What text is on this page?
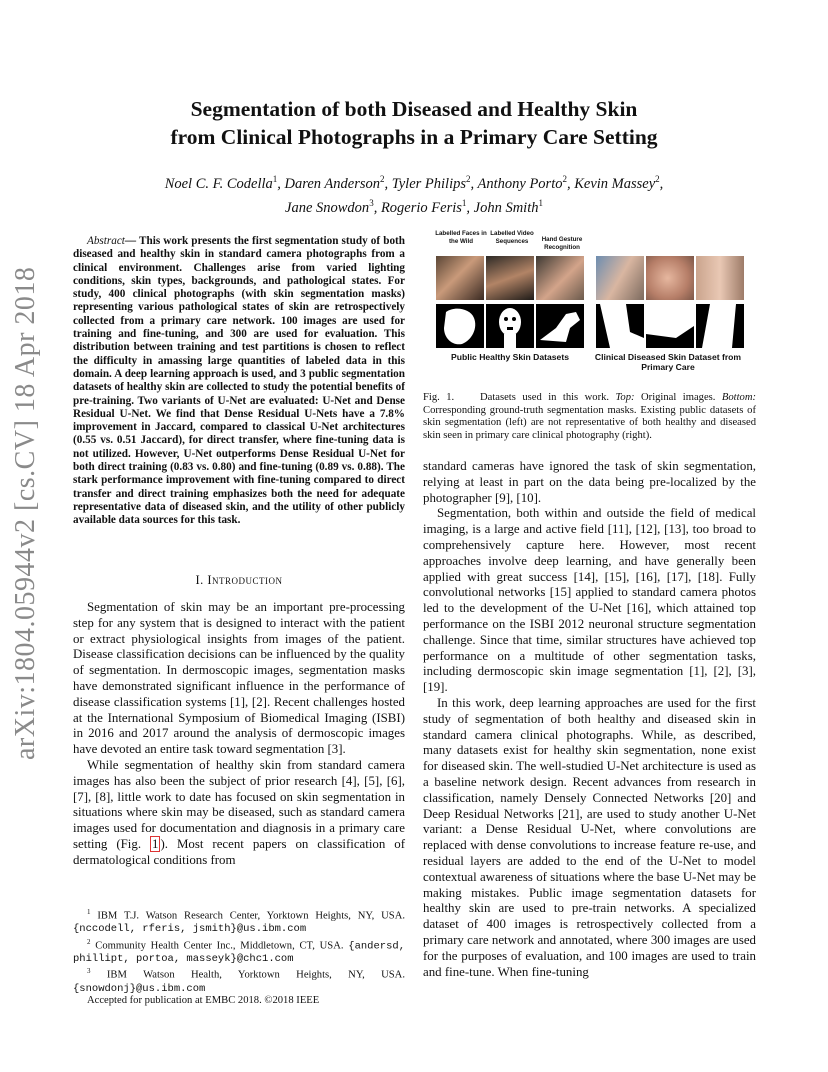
arXiv:1804.05944v2 [cs.CV] 18 Apr 2018
Segmentation of both Diseased and Healthy Skin
from Clinical Photographs in a Primary Care Setting
Noel C. F. Codella$^1$, Daren Anderson$^2$, Tyler Philips$^2$, Anthony Porto$^2$, Kevin Massey$^2$,
Jane Snowdon$^3$, Rogerio Feris$^1$, John Smith$^1$
Abstract— This work presents the first segmentation study of both diseased and healthy skin in standard camera photographs from a clinical environment. Challenges arise from varied lighting conditions, skin types, backgrounds, and pathological states. For study, 400 clinical photographs (with skin segmentation masks) representing various pathological states of skin are retrospectively collected from a primary care network. 100 images are used for training and fine-tuning, and 300 are used for evaluation. This distribution between training and test partitions is chosen to reflect the difficulty in amassing large quantities of labeled data in this domain. A deep learning approach is used, and 3 public segmentation datasets of healthy skin are collected to study the potential benefits of pre-training. Two variants of U-Net are evaluated: U-Net and Dense Residual U-Net. We find that Dense Residual U-Nets have a 7.8% improvement in Jaccard, compared to classical U-Net architectures (0.55 vs. 0.51 Jaccard), for direct transfer, where fine-tuning data is not utilized. However, U-Net outperforms Dense Residual U-Net for both direct training (0.83 vs. 0.80) and fine-tuning (0.89 vs. 0.88). The stark performance improvement with fine-tuning compared to direct transfer and direct training emphasizes both the need for adequate representative data of diseased skin, and the utility of other publicly available data sources for this task.
I. Introduction

Segmentation of skin may be an important pre-processing step for any system that is designed to interact with the patient or extract physiological insights from images of the patient. Disease classification decisions can be influenced by the quality of segmentation. In dermoscopic images, segmentation masks have demonstrated significant influence in the performance of disease classification systems [1], [2]. Recent challenges hosted at the International Symposium of Biomedical Imaging (ISBI) in 2016 and 2017 around the analysis of dermoscopic images have devoted an entire task toward segmentation [3].

While segmentation of healthy skin from standard camera images has also been the subject of prior research [4], [5], [6], [7], [8], little work to date has focused on skin segmentation in situations where skin may be diseased, such as standard camera images used for documentation and diagnosis in a primary care setting (Fig. 1 ). Most recent papers on classification of dermatological conditions from

$^1$ IBM T.J. Watson Research Center, Yorktown Heights, NY, USA. {nccodell, rferis, jsmith}@us.ibm.com

$^2$ Community Health Center Inc., Middletown, CT, USA. {andersd, phillipt, portoa, masseyk}@chc1.com

$^3$ IBM Watson Health, Yorktown Heights, NY, USA. {snowdonj}@us.ibm.com

Accepted for publication at EMBC 2018. ©2018 IEEE

Labelled Faces in the Wild
Labelled Video Sequences	Hand Gesture Recognition
Public Healthy Skin Datasets	Clinical Diseased Skin Dataset from Primary Care
Fig. 1. Datasets used in this work. Top: Original images. Bottom: Corresponding ground-truth segmentation masks. Existing public datasets of skin segmentation (left) are not representative of both healthy and diseased skin seen in primary care clinical photography (right).

standard cameras have ignored the task of skin segmentation, relying at least in part on the data being pre-localized by the photographer [9], [10].

Segmentation, both within and outside the field of medical imaging, is a large and active field [11], [12], [13], too broad to comprehensively capture here. However, most recent approaches involve deep learning, and have generally been applied with great success [14], [15], [16], [17], [18]. Fully convolutional networks [15] applied to standard camera photos led to the development of the U-Net [16], which attained top performance on the ISBI 2012 neuronal structure segmentation challenge. Since that time, similar structures have achieved top performance on a multitude of other segmentation tasks, including dermoscopic skin image segmentation [1], [2], [3], [19].

In this work, deep learning approaches are used for the first study of segmentation of both healthy and diseased skin in standard camera clinical photographs. While, as described, many datasets exist for healthy skin segmentation, none exist for diseased skin. The well-studied U-Net architecture is used as a baseline network design. Recent advances from research in classification, namely Densely Connected Networks [20] and Deep Residual Networks [21], are used to study another U-Net variant: a Dense Residual U-Net, where convolutions are replaced with dense convolutions to increase feature re-use, and residual layers are added to the end of the U-Net to model contextual awareness of situations where the base U-Net may be making mistakes. Public image segmentation datasets for healthy skin are used to pre-train networks. A specialized dataset of 400 images is retrospectively collected from a primary care network and annotated, where 300 images are used for the purposes of evaluation, and 100 images are used to train and fine-tune. When fine-tuning
